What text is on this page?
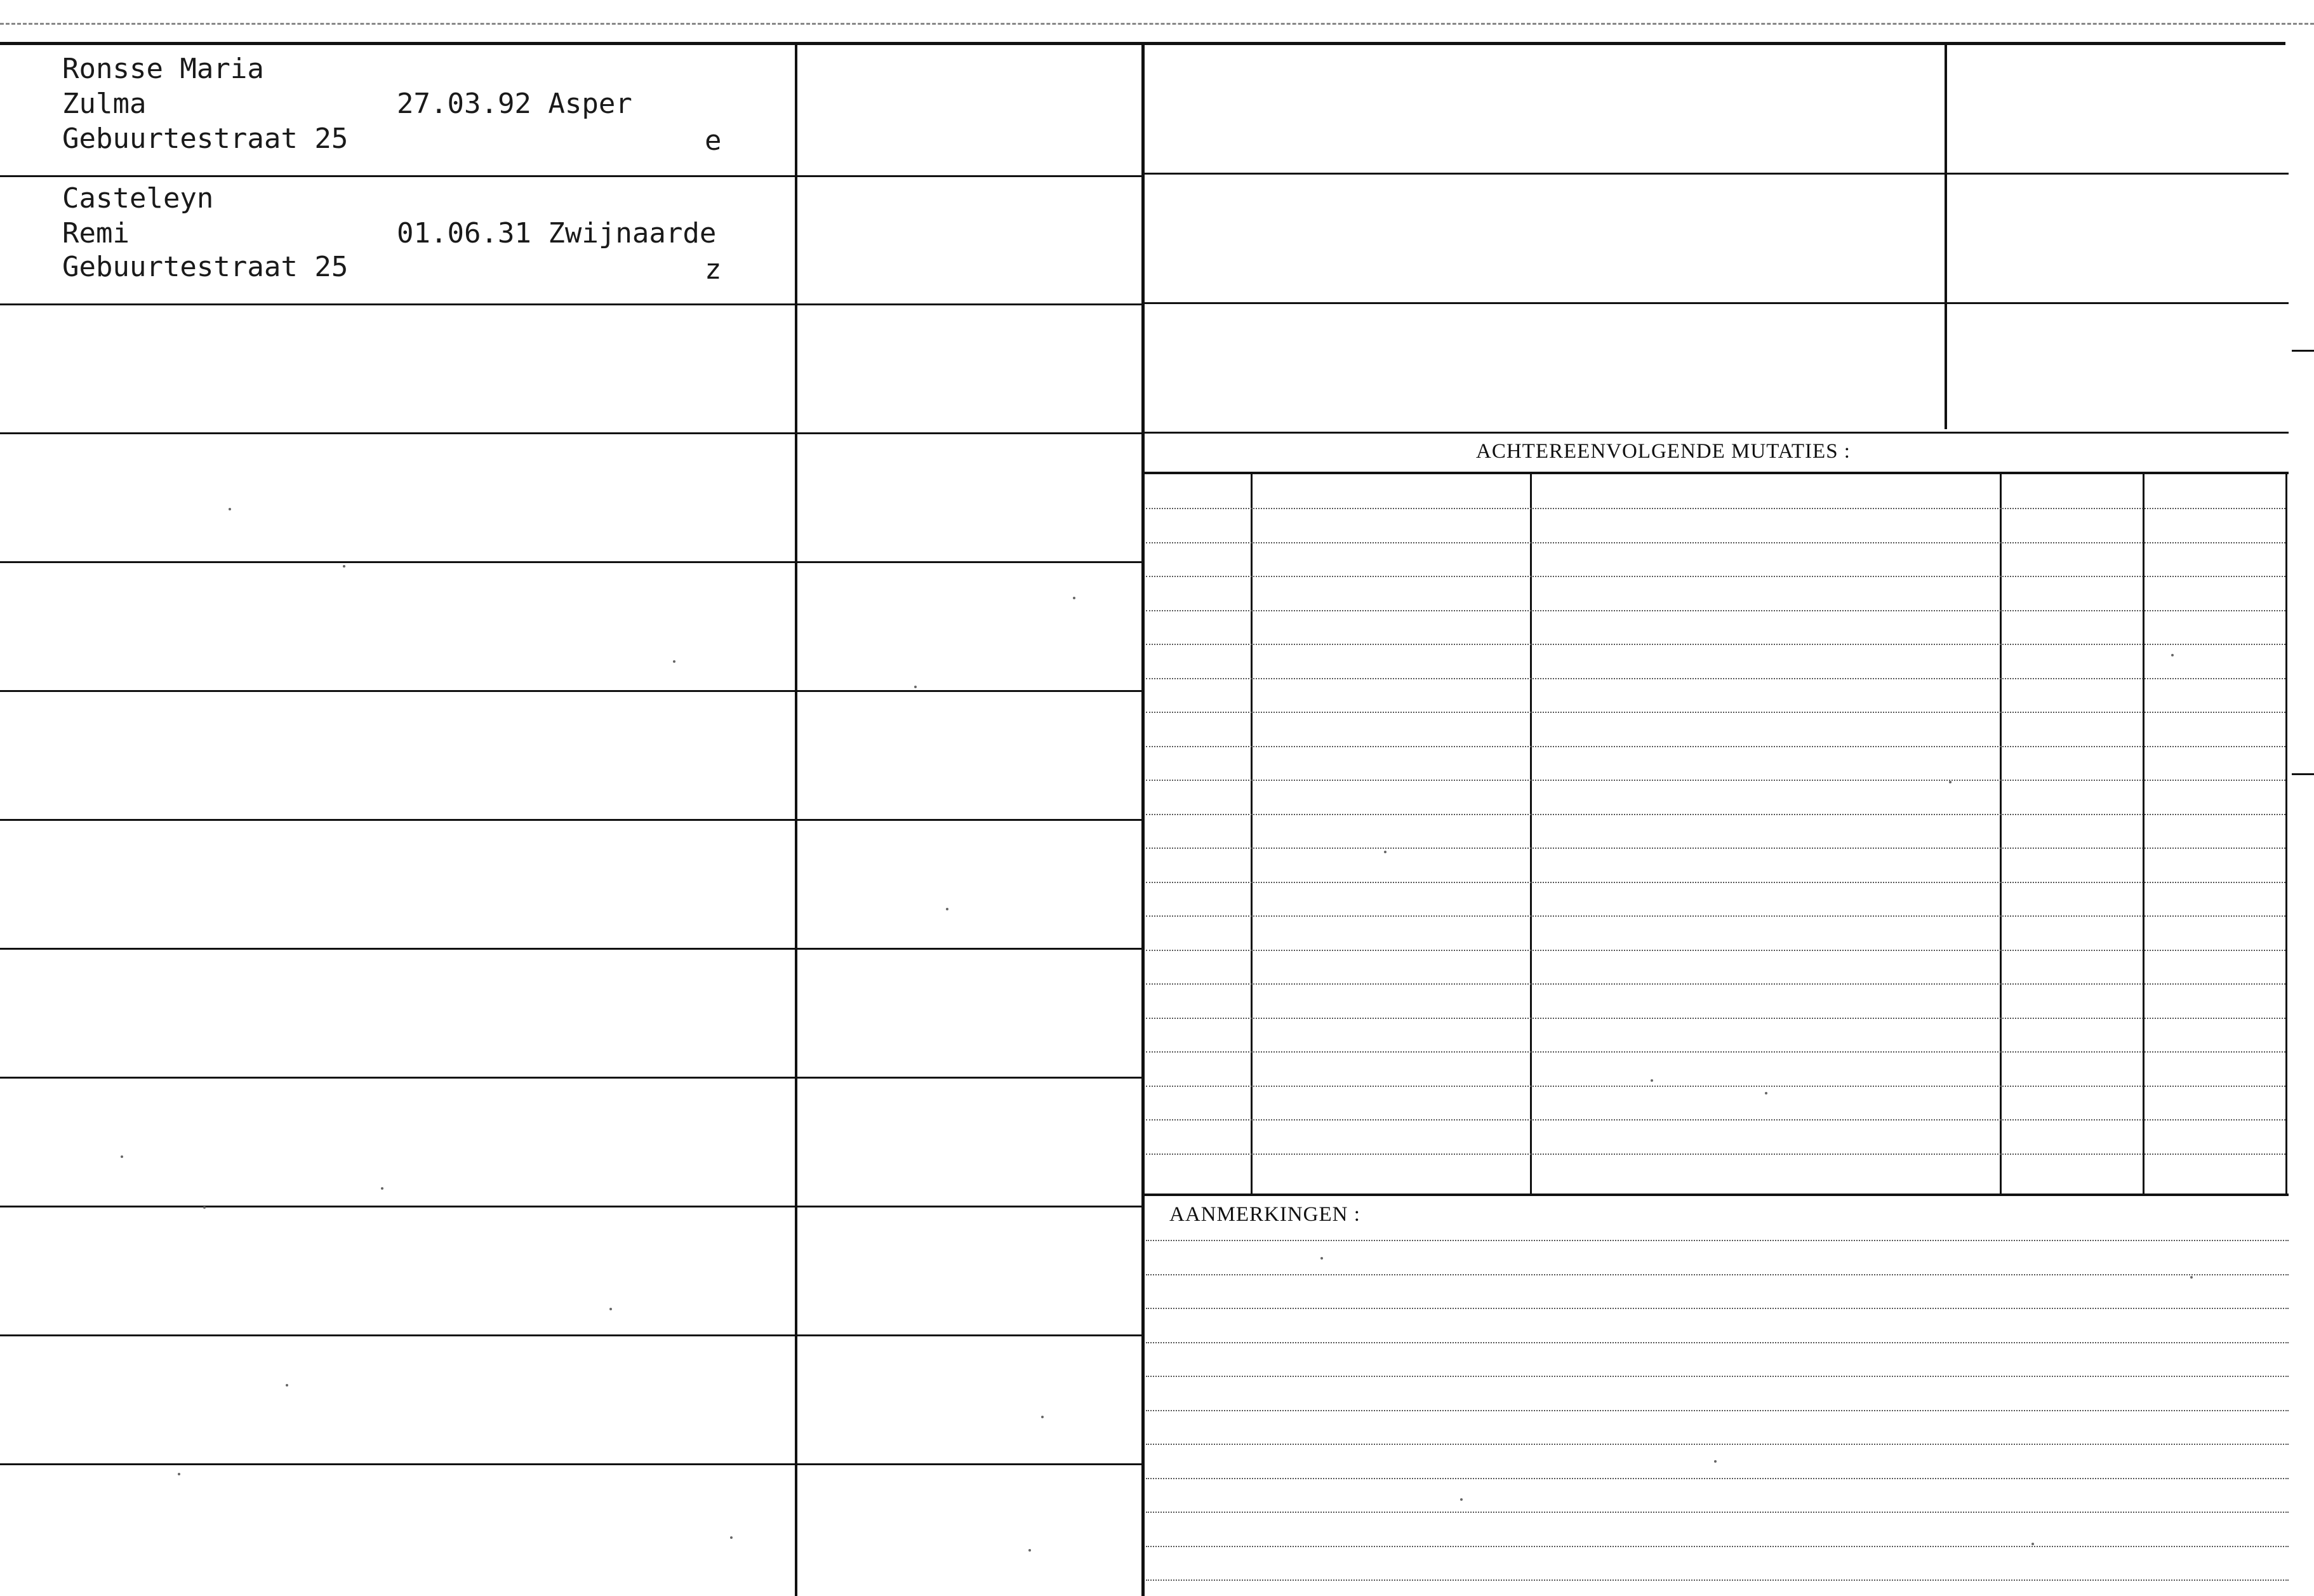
Ronsse Maria
Zulma	27.03.92 Asper
Gebuurtestraat 25	e
Casteleyn
Remi	01.06.31 Zwijnaarde
Gebuurtestraat 25	z
ACHTEREENVOLGENDE MUTATIES :
AANMERKINGEN :
